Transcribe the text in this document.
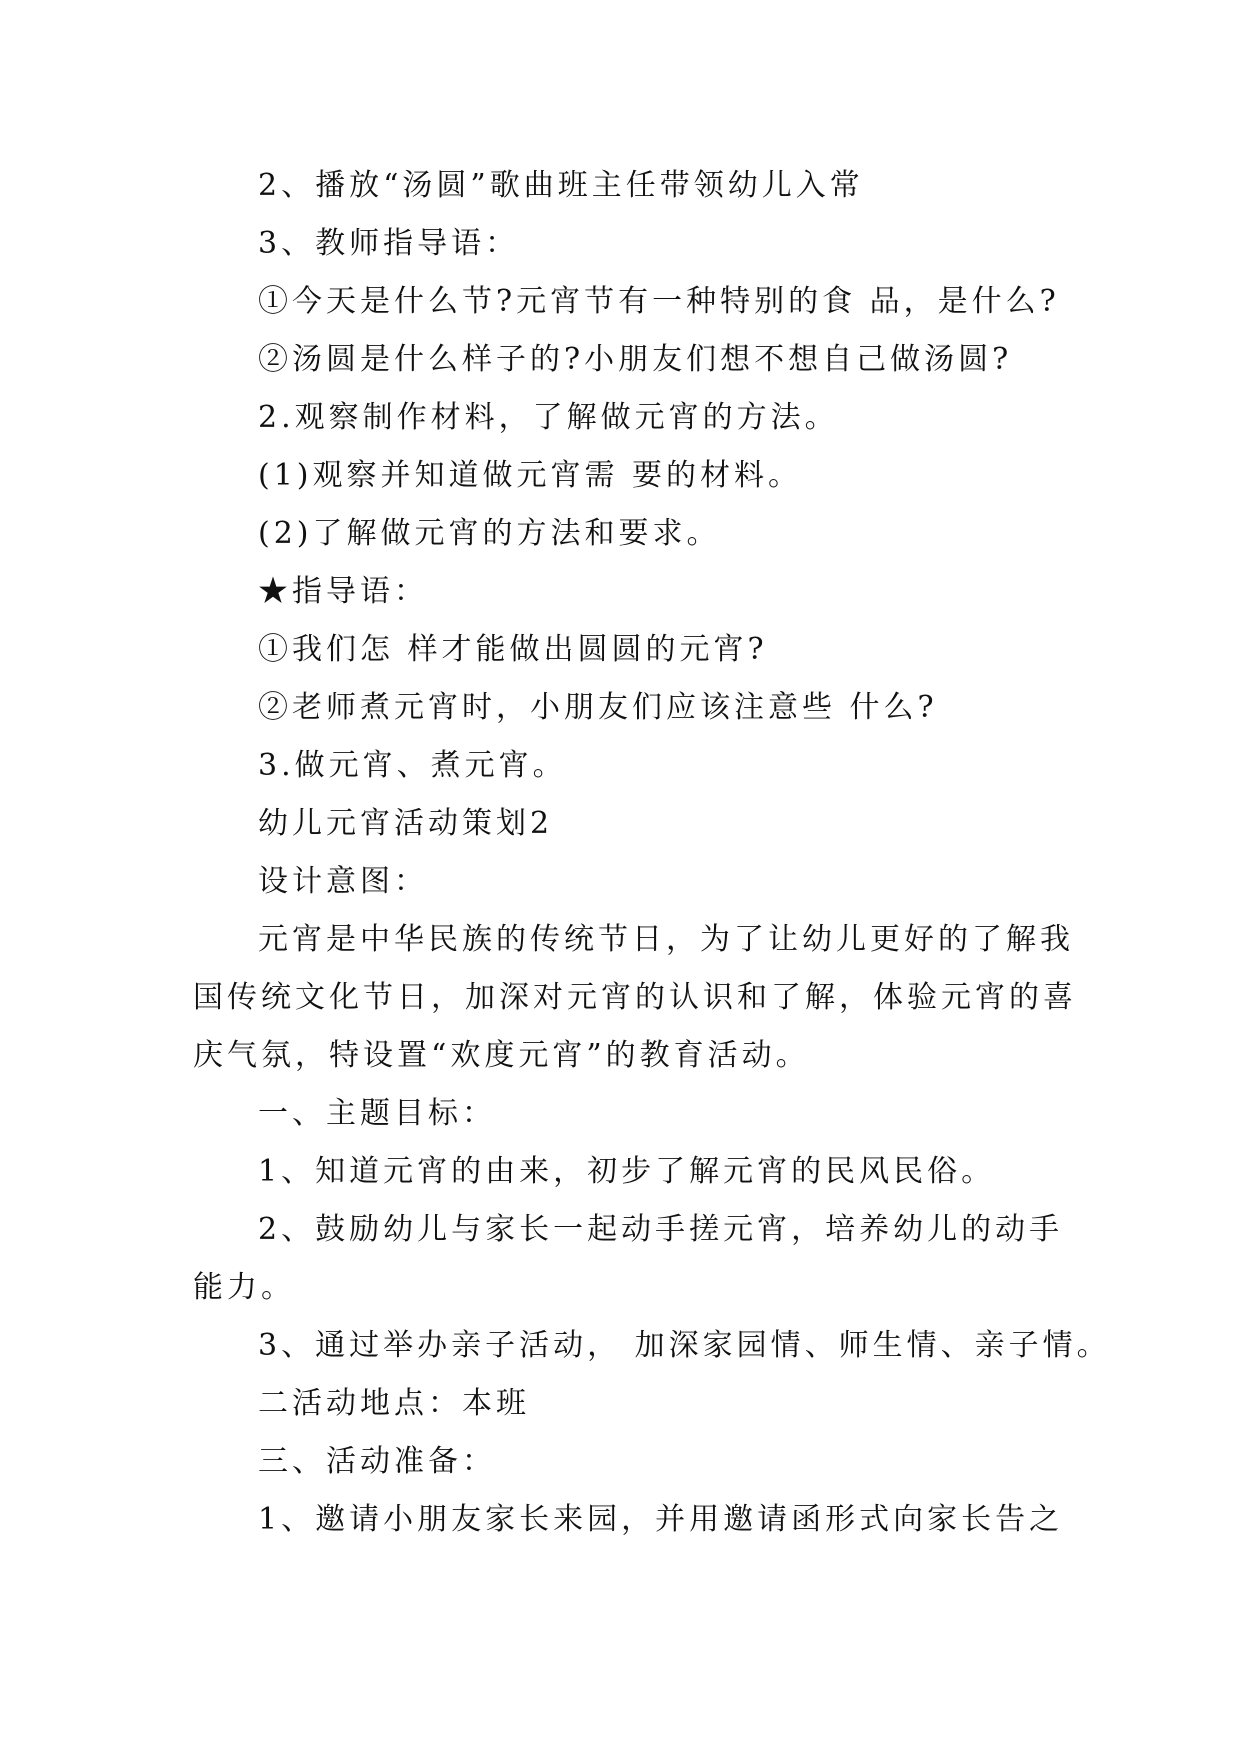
2、播放“汤圆”歌曲班主任带领幼儿入常
3、教师指导语：
①今天是什么节?元宵节有一种特别的食 品，是什么?
②汤圆是什么样子的?小朋友们想不想自己做汤圆?
2.观察制作材料，了解做元宵的方法。
(1)观察并知道做元宵需 要的材料。
(2)了解做元宵的方法和要求。
★指导语：
①我们怎 样才能做出圆圆的元宵?
②老师煮元宵时，小朋友们应该注意些 什么?
3.做元宵、煮元宵。
幼儿元宵活动策划2
设计意图：
元宵是中华民族的传统节日，为了让幼儿更好的了解我
国传统文化节日，加深对元宵的认识和了解，体验元宵的喜
庆气氛，特设置“欢度元宵”的教育活动。
一、主题目标：
1、知道元宵的由来，初步了解元宵的民风民俗。
2、鼓励幼儿与家长一起动手搓元宵，培养幼儿的动手
能力。
3、通过举办亲子活动， 加深家园情、师生情、亲子情。
二活动地点：本班
三、活动准备：
1、邀请小朋友家长来园，并用邀请函形式向家长告之
